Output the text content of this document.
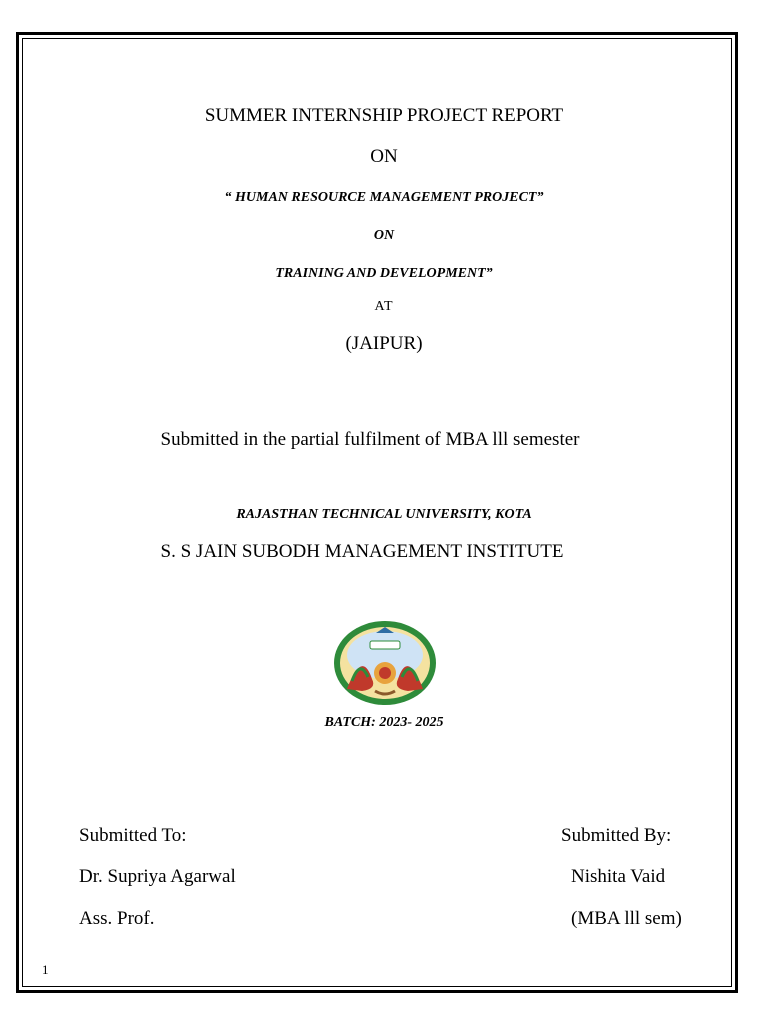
SUMMER INTERNSHIP PROJECT REPORT
ON
“ HUMAN RESOURCE MANAGEMENT PROJECT”
ON
TRAINING AND DEVELOPMENT”
AT
(JAIPUR)
Submitted in the partial fulfilment of MBA lll semester
RAJASTHAN TECHNICAL UNIVERSITY, KOTA
S. S JAIN SUBODH MANAGEMENT INSTITUTE
BATCH: 2023- 2025
Submitted To:
Dr. Supriya Agarwal
Ass. Prof.
Submitted By:
Nishita Vaid
(MBA lll sem)
1
